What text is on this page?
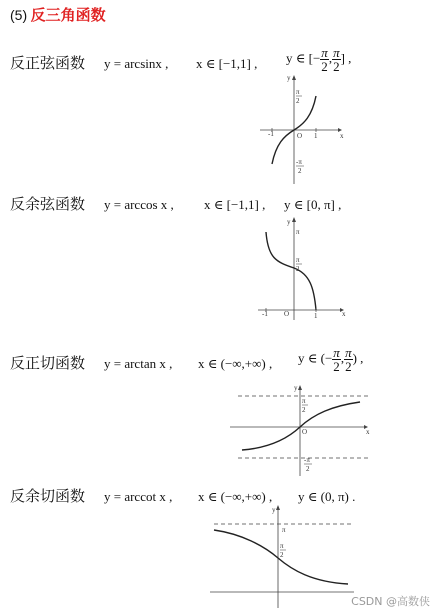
(5) 反三角函数
反正弦函数 y = arcsinx , x ∈ [−1,1] , y ∈ [− $\frac{\pi}{2}$ , $\frac{\pi}{2}$ ] ,
-1	O 1	x
y
π
2
-π
2
反余弦函数 y = arccos x , x ∈ [−1,1] , y ∈ [0, π] ,
-1 O	1	x
y
π
π
2
反正切函数 y = arctan x , x ∈ (−∞,+∞) , y ∈ (− $\frac{\pi}{2}$ , $\frac{\pi}{2}$ ) ,
y
O	x
π
2
-π
2
反余切函数 y = arccot x , x ∈ (−∞,+∞) , y ∈ (0, π) .
y
π
π
2
CSDN @高数侠
